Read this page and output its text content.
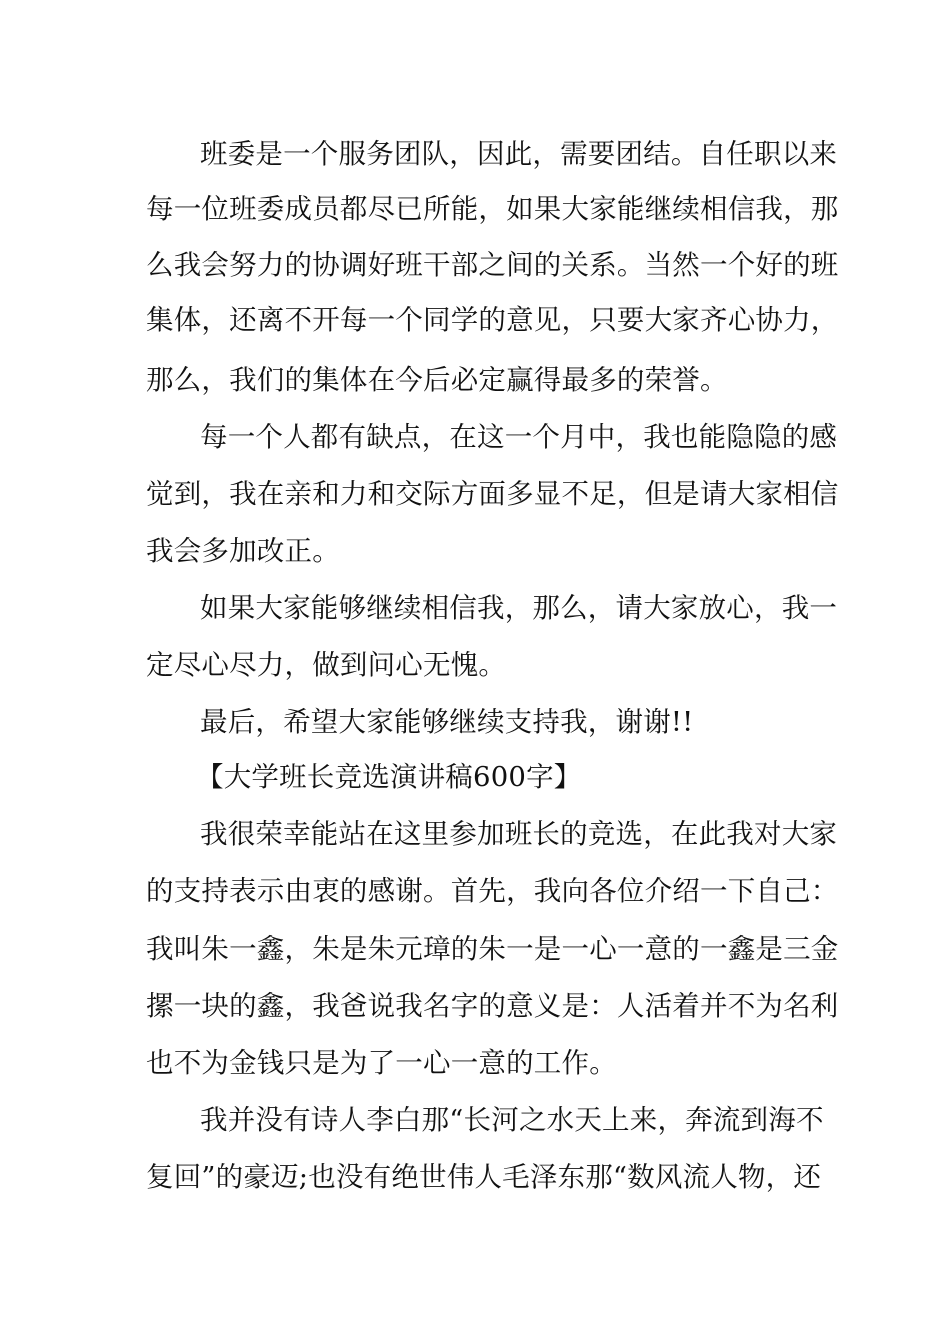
班委是一个服务团队，因此，需要团结。自任职以来
每一位班委成员都尽已所能，如果大家能继续相信我，那
么我会努力的协调好班干部之间的关系。当然一个好的班
集体，还离不开每一个同学的意见，只要大家齐心协力，
那么，我们的集体在今后必定赢得最多的荣誉。
每一个人都有缺点，在这一个月中，我也能隐隐的感
觉到，我在亲和力和交际方面多显不足，但是请大家相信
我会多加改正。
如果大家能够继续相信我，那么，请大家放心，我一
定尽心尽力，做到问心无愧。
最后，希望大家能够继续支持我，谢谢!!
【大学班长竞选演讲稿600字】
我很荣幸能站在这里参加班长的竞选，在此我对大家
的支持表示由衷的感谢。首先，我向各位介绍一下自己：
我叫朱一鑫，朱是朱元璋的朱一是一心一意的一鑫是三金
摞一块的鑫，我爸说我名字的意义是：人活着并不为名利
也不为金钱只是为了一心一意的工作。
我并没有诗人李白那“长河之水天上来，奔流到海不
复回”的豪迈;也没有绝世伟人毛泽东那“数风流人物，还
